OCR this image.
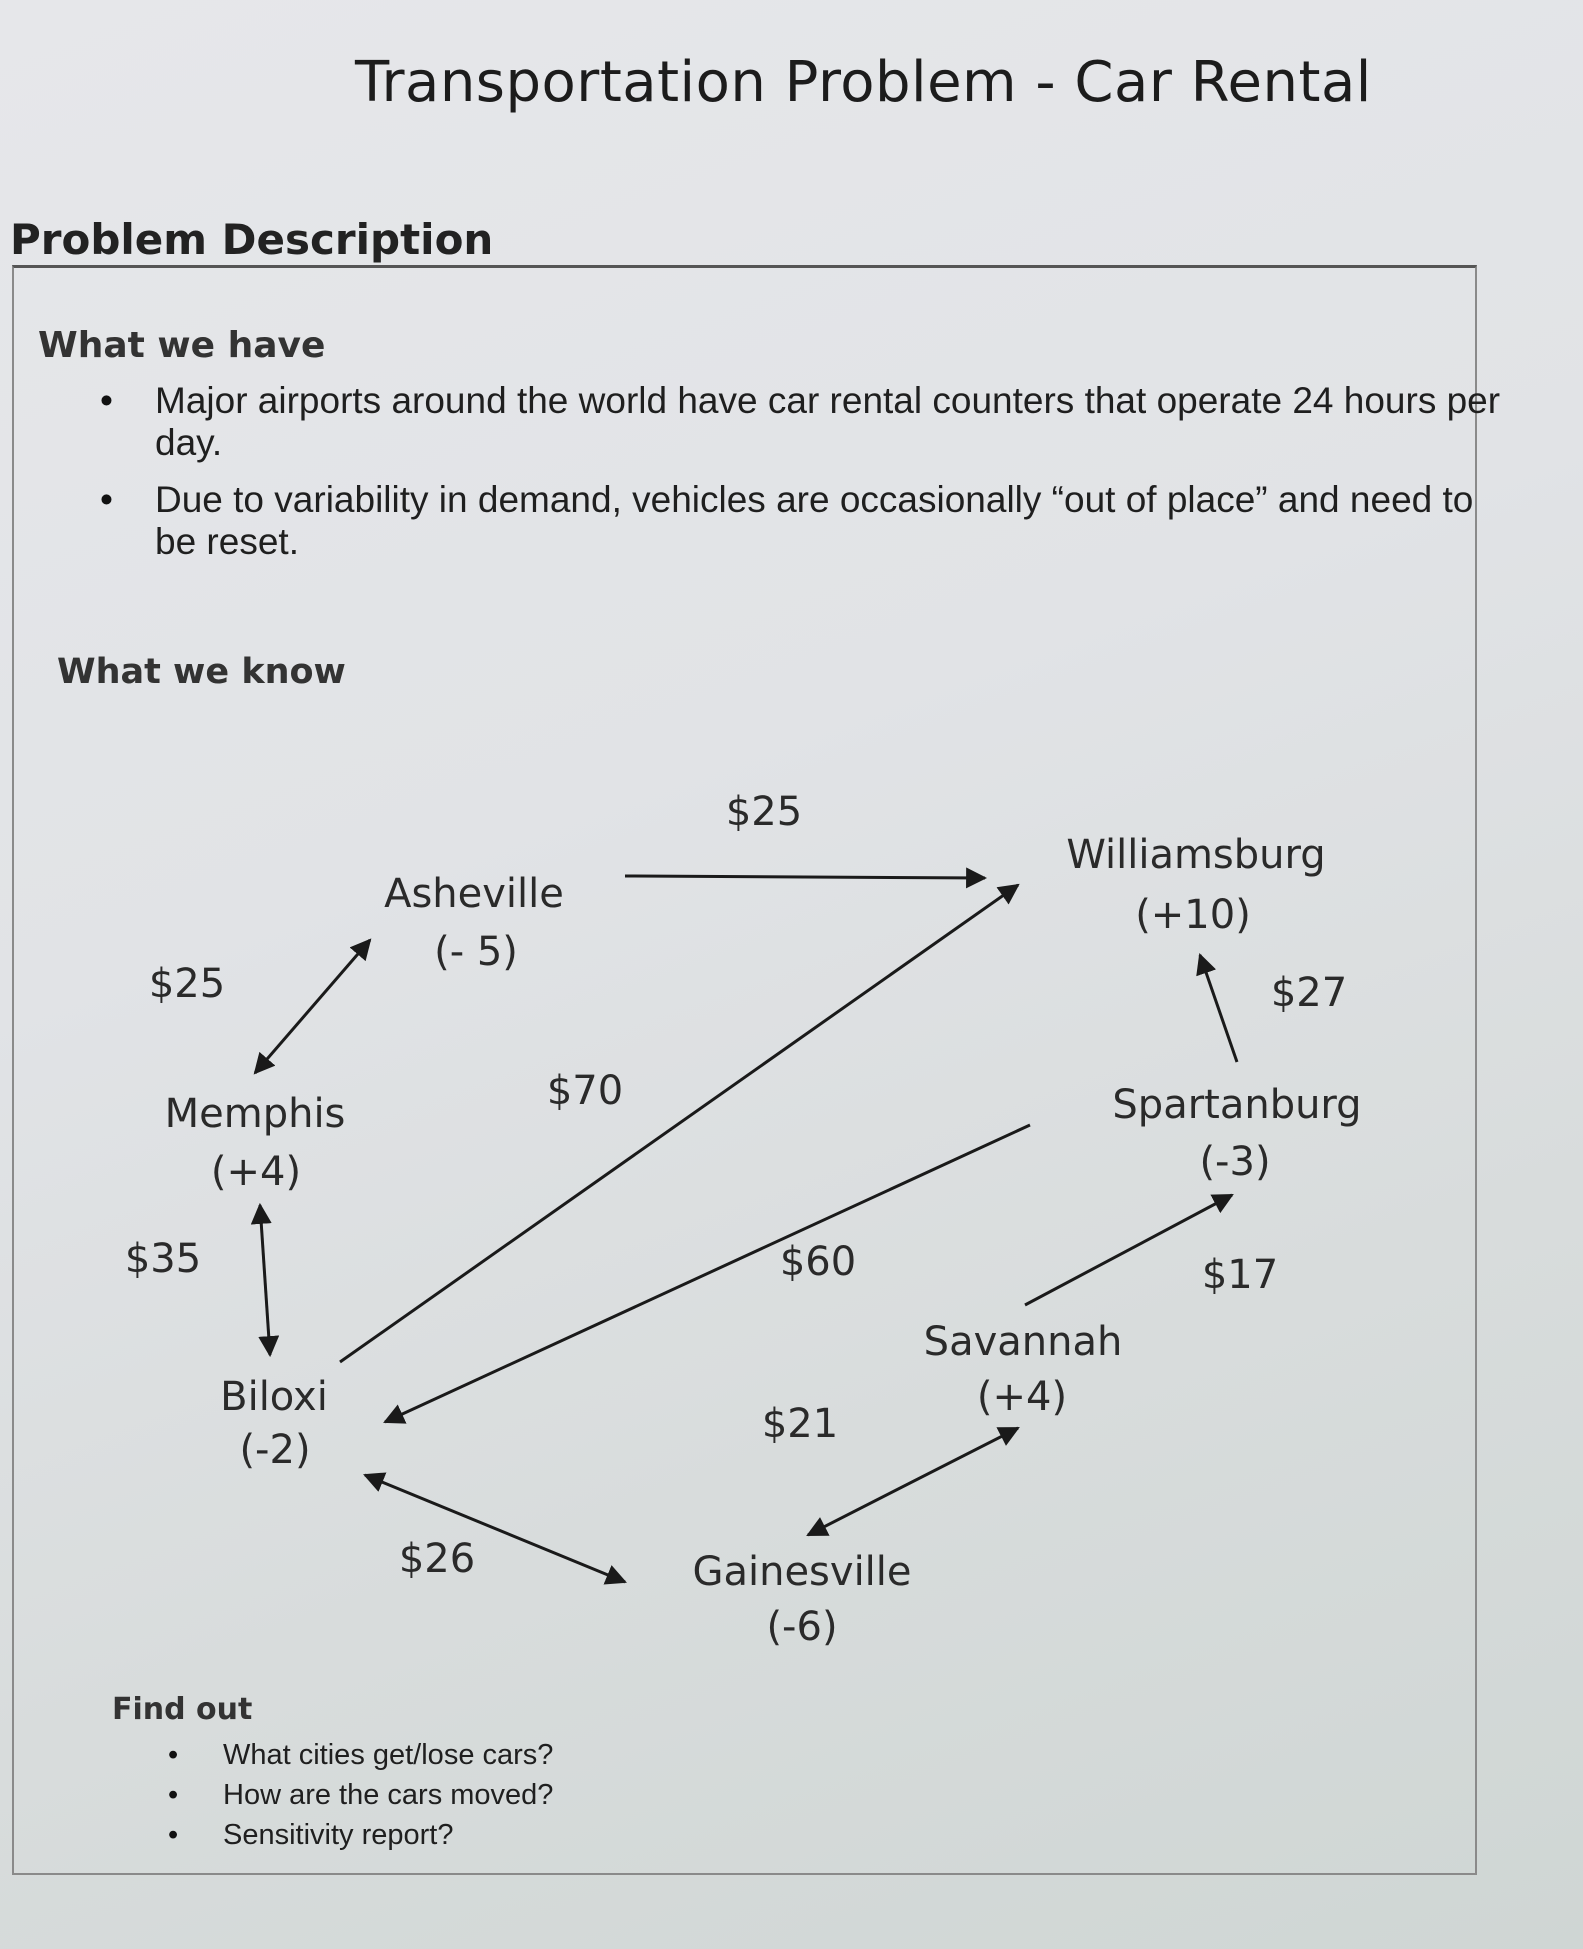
Transportation Problem - Car Rental
Problem Description
What we have
• Major airports around the world have car rental counters that operate 24 hours per day.
• Due to variability in demand, vehicles are occasionally “out of place” and need to be reset.
What we know
Asheville
(- 5)
Williamsburg
(+10)
Memphis
(+4)
Spartanburg
(-3)
Biloxi
(-2)
Savannah
(+4)
Gainesville
(-6)
$25
$25	$27
$70
$35	$60	$17
$21
$26
Find out
• What cities get/lose cars?
• How are the cars moved?
• Sensitivity report?
